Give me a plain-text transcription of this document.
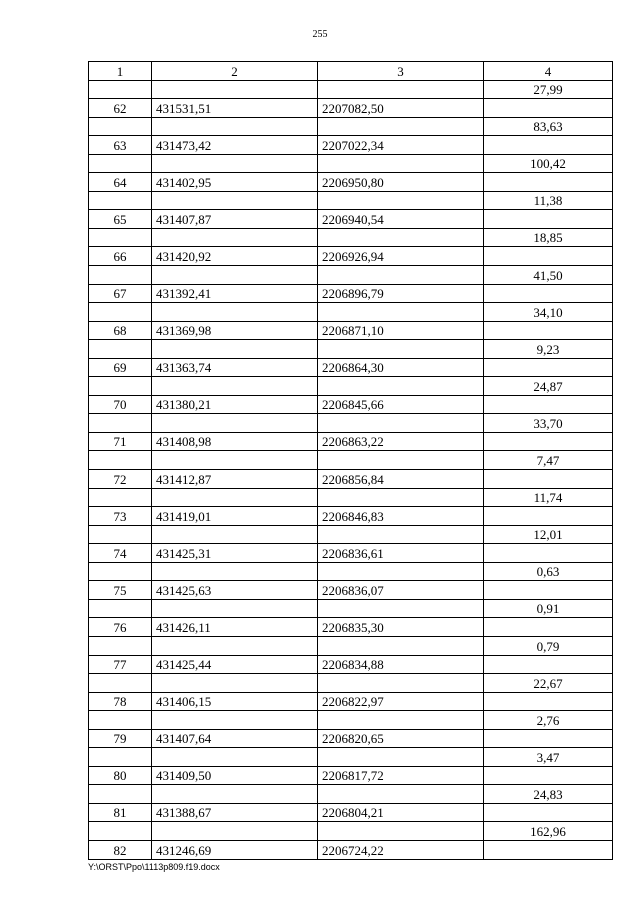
255
1	2	3	4
			27,99
62	431531,51	2207082,50	
			83,63
63	431473,42	2207022,34	
			100,42
64	431402,95	2206950,80	
			11,38
65	431407,87	2206940,54	
			18,85
66	431420,92	2206926,94	
			41,50
67	431392,41	2206896,79	
			34,10
68	431369,98	2206871,10	
			9,23
69	431363,74	2206864,30	
			24,87
70	431380,21	2206845,66	
			33,70
71	431408,98	2206863,22	
			7,47
72	431412,87	2206856,84	
			11,74
73	431419,01	2206846,83	
			12,01
74	431425,31	2206836,61	
			0,63
75	431425,63	2206836,07	
			0,91
76	431426,11	2206835,30	
			0,79
77	431425,44	2206834,88	
			22,67
78	431406,15	2206822,97	
			2,76
79	431407,64	2206820,65	
			3,47
80	431409,50	2206817,72	
			24,83
81	431388,67	2206804,21	
			162,96
82	431246,69	2206724,22	
Y:\ORST\Ppo\1113p809.f19.docx
